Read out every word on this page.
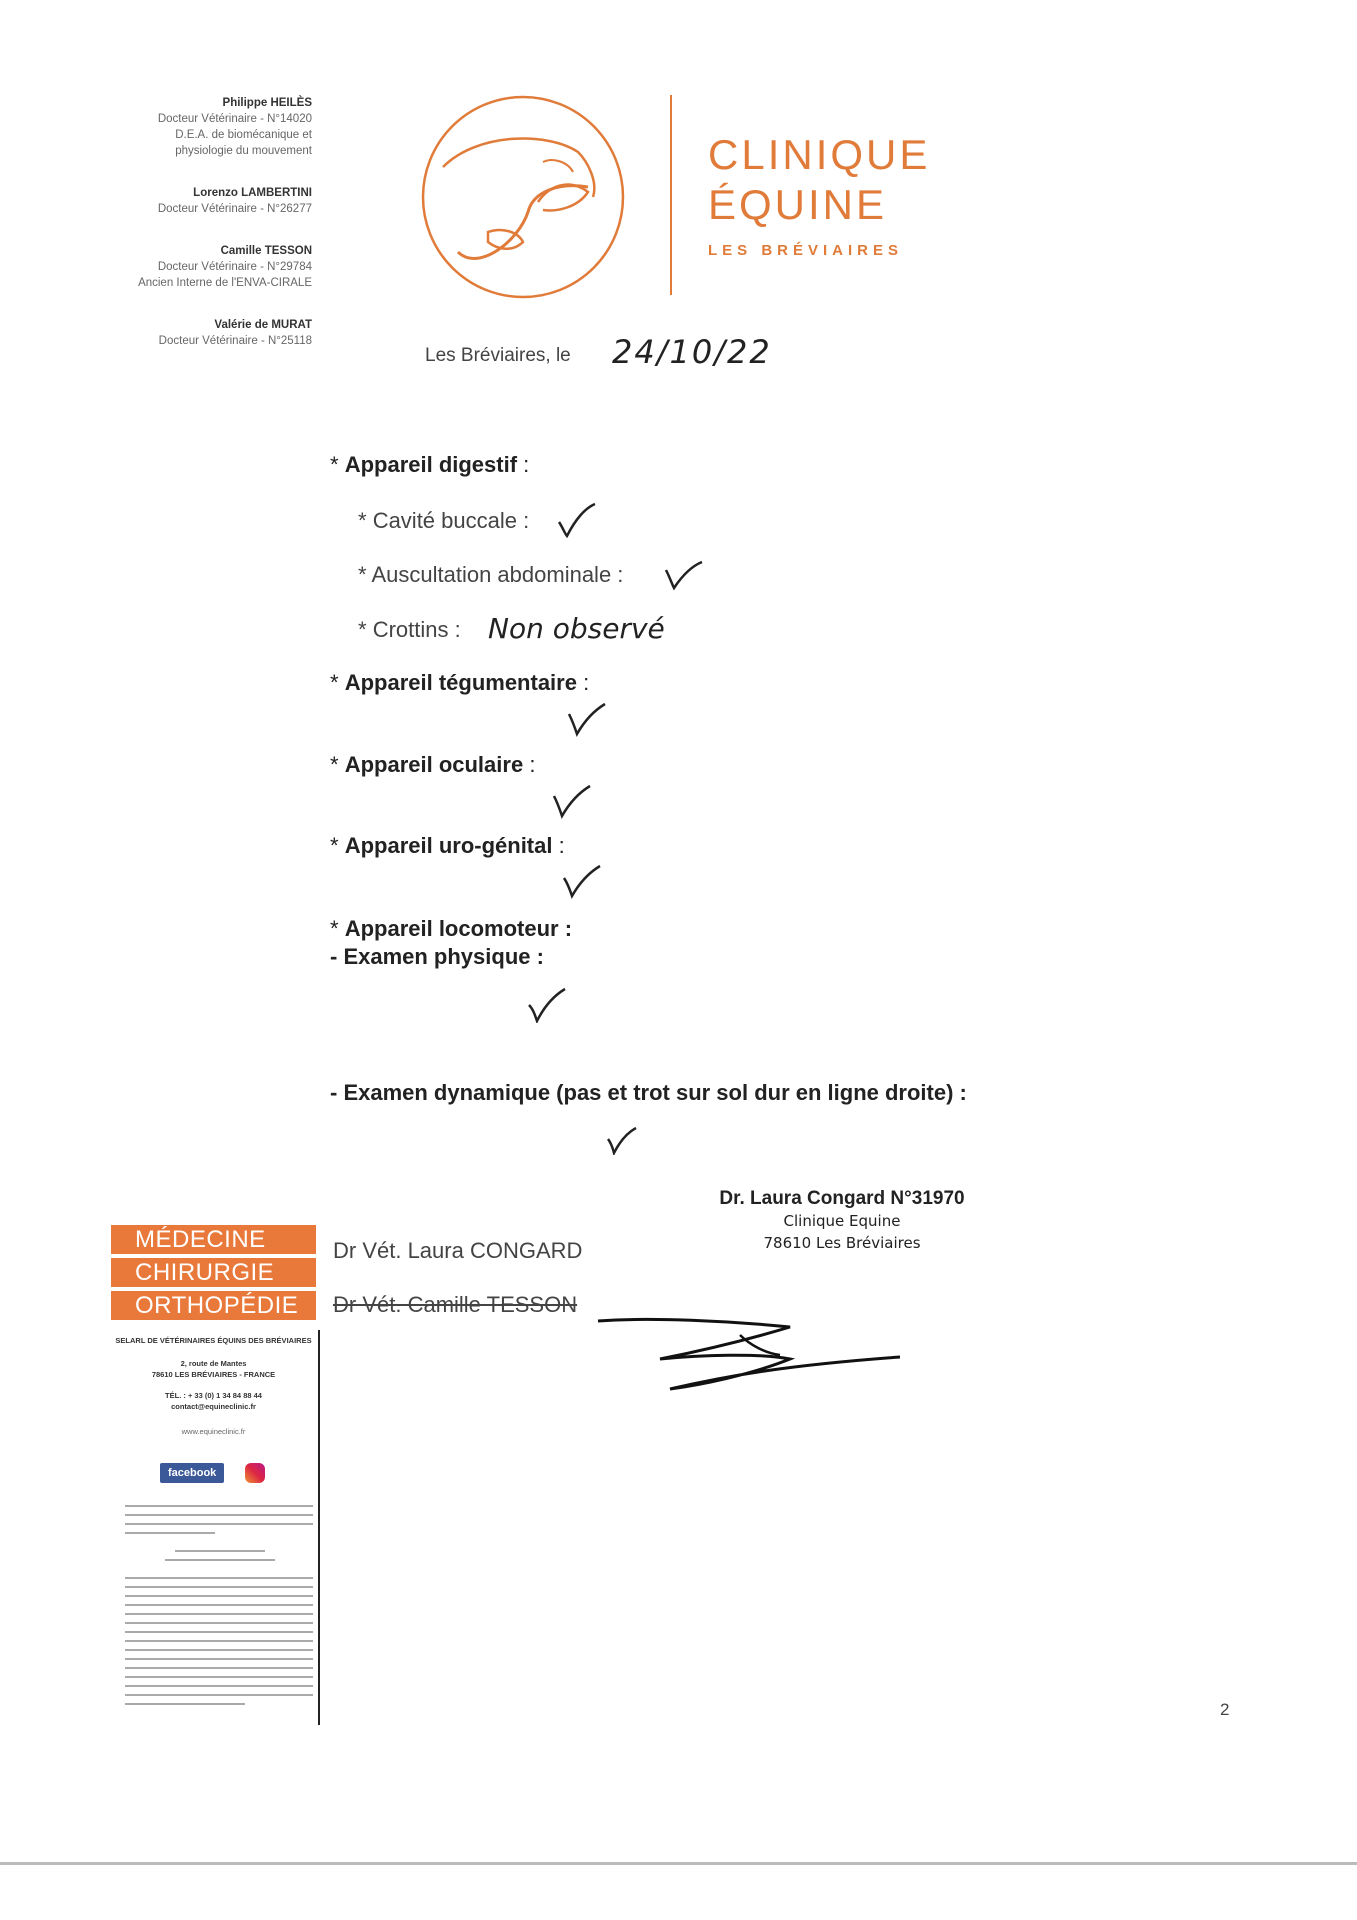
Philippe HEILÈS
Docteur Vétérinaire - N°14020
D.E.A. de biomécanique et
physiologie du mouvement
Lorenzo LAMBERTINI
Docteur Vétérinaire - N°26277
Camille TESSON
Docteur Vétérinaire - N°29784
Ancien Interne de l'ENVA-CIRALE
Valérie de MURAT
Docteur Vétérinaire - N°25118
CLINIQUE
ÉQUINE
LES BRÉVIAIRES
Les Bréviaires, le 24/10/22
* Appareil digestif :
* Cavité buccale :
* Auscultation abdominale :
* Crottins : Non observé
* Appareil tégumentaire :
* Appareil oculaire :
* Appareil uro-génital :
* Appareil locomoteur :
- Examen physique :
- Examen dynamique (pas et trot sur sol dur en ligne droite) :
Dr. Laura Congard N°31970
Clinique Equine
78610 Les Bréviaires
Dr Vét. Laura CONGARD
Dr Vét. Camille TESSON
MÉDECINE
CHIRURGIE
ORTHOPÉDIE
SELARL DE VÉTÉRINAIRES ÉQUINS DES BRÉVIAIRES
2, route de Mantes
78610 LES BRÉVIAIRES - FRANCE
TÉL. : + 33 (0) 1 34 84 88 44
contact@equineclinic.fr
www.equineclinic.fr
facebook
2
